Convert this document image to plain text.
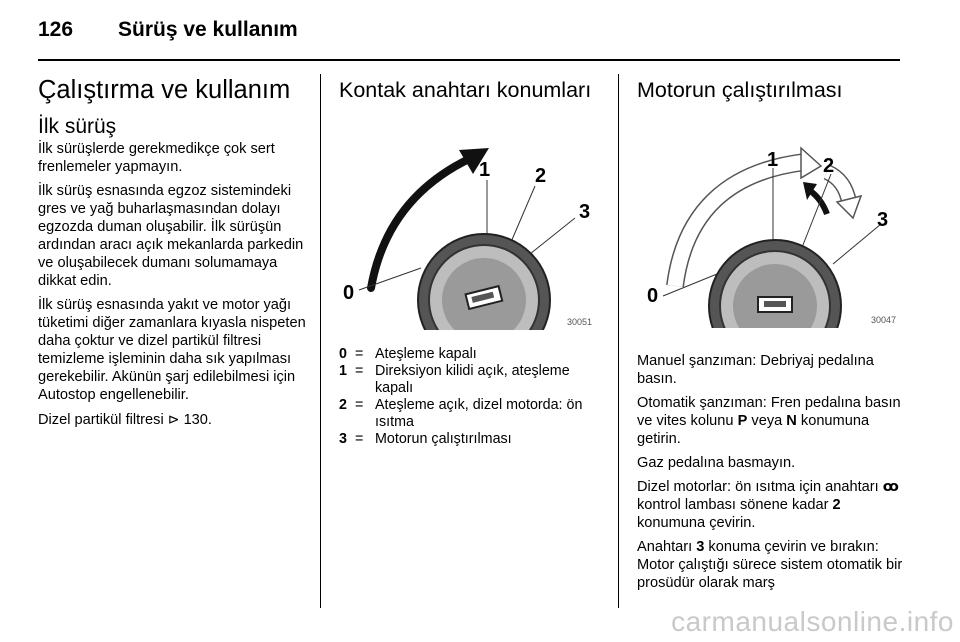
126 Sürüş ve kullanım
Çalıştırma ve kullanım
İlk sürüş

İlk sürüşlerde gerekmedikçe çok sert frenlemeler yapmayın.

İlk sürüş esnasında egzoz sistemindeki gres ve yağ buharlaşmasından dolayı egzozda duman oluşabilir. İlk sürüşün ardından aracı açık mekanlarda parkedin ve oluşabilecek dumanı solumamaya dikkat edin.

İlk sürüş esnasında yakıt ve motor yağı tüketimi diğer zamanlara kıyasla nispeten daha çoktur ve dizel partikül filtresi temizleme işleminin daha sık yapılması gerekebilir. Akünün şarj edilebilmesi için Autostop engellenebilir.

Dizel partikül filtresi ⊳ 130.

Kontak anahtarı konumları
0
1 2
3
30051
0 = Ateşleme kapalı
1 = Direksiyon kilidi açık, ateşleme kapalı
2 = Ateşleme açık, dizel motorda: ön ısıtma
3 = Motorun çalıştırılması
Motorun çalıştırılması
0
1 2
3
30047

Manuel şanzıman: Debriyaj pedalına basın.

Otomatik şanzıman: Fren pedalına basın ve vites kolunu P veya N konumuna getirin.

Gaz pedalına basmayın.

Dizel motorlar: ön ısıtma için anahtarı ꝏ kontrol lambası sönene kadar 2 konumuna çevirin.

Anahtarı 3 konuma çevirin ve bırakın: Motor çalıştığı sürece sistem otomatik bir prosüdür olarak marş

carmanualsonline.info
